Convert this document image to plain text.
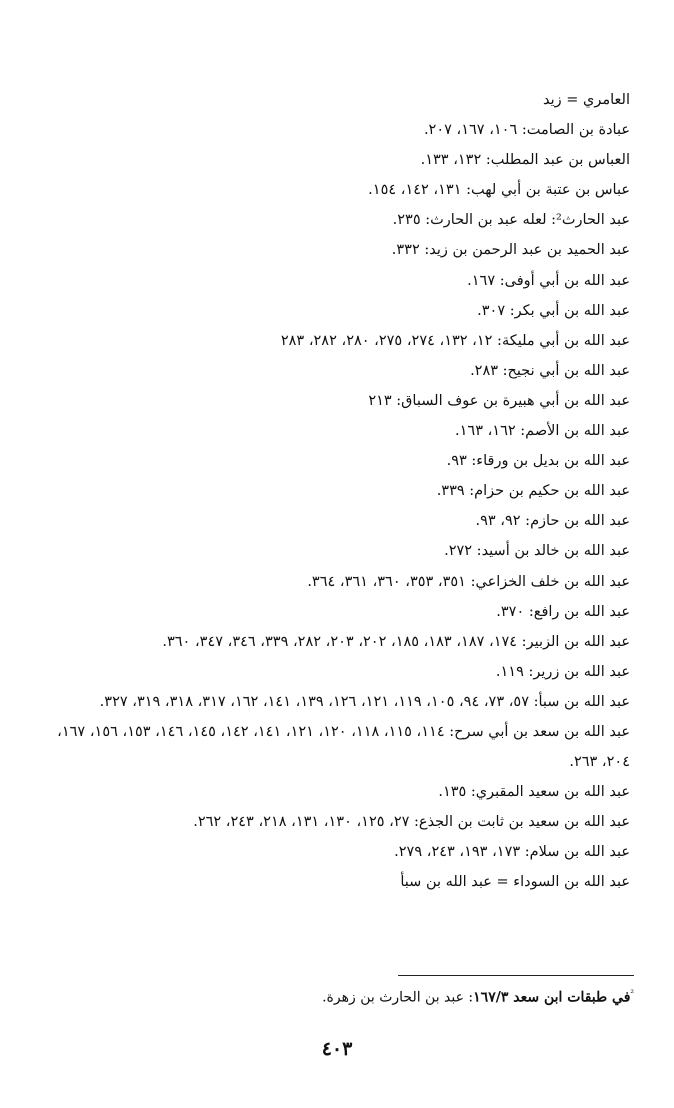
العامري = زيد
عبادة بن الصامت: ١٠٦، ١٦٧، ٢٠٧.
العباس بن عبد المطلب: ١٣٢، ١٣٣.
عباس بن عتبة بن أبي لهب: ١٣١، ١٤٢، ١٥٤.
عبد الحارث²: لعله عبد بن الحارث: ٢٣٥.
عبد الحميد بن عبد الرحمن بن زيد: ٣٣٢.
عبد الله بن أبي أوفى: ١٦٧.
عبد الله بن أبي بكر: ٣٠٧.
عبد الله بن أبي مليكة: ١٢، ١٣٢، ٢٧٤، ٢٧٥، ٢٨٠، ٢٨٢، ٢٨٣
عبد الله بن أبي نجيح: ٢٨٣.
عبد الله بن أبي هبيرة بن عوف السباق: ٢١٣
عبد الله بن الأصم: ١٦٢، ١٦٣.
عبد الله بن بديل بن ورقاء: ٩٣.
عبد الله بن حكيم بن حزام: ٣٣٩.
عبد الله بن حازم: ٩٢، ٩٣.
عبد الله بن خالد بن أسيد: ٢٧٢.
عبد الله بن خلف الخزاعي: ٣٥١، ٣٥٣، ٣٦٠، ٣٦١، ٣٦٤.
عبد الله بن رافع: ٣٧٠.
عبد الله بن الزبير: ١٧٤، ١٨٧، ١٨٣، ١٨٥، ٢٠٢، ٢٠٣، ٢٨٢، ٣٣٩، ٣٤٦، ٣٤٧، ٣٦٠.
عبد الله بن زرير: ١١٩.
عبد الله بن سبأ: ٥٧، ٧٣، ٩٤، ١٠٥، ١١٩، ١٢١، ١٢٦، ١٣٩، ١٤١، ١٦٢، ٣١٧، ٣١٨، ٣١٩، ٣٢٧.
عبد الله بن سعد بن أبي سرح: ١١٤، ١١٥، ١١٨، ١٢٠، ١٢١، ١٤١، ١٤٢، ١٤٥، ١٤٦، ١٥٣، ١٥٦، ١٦٧، ٢٠٤، ٢٦٣.
عبد الله بن سعيد المقبري: ١٣٥.
عبد الله بن سعيد بن ثابت بن الجذع: ٢٧، ١٢٥، ١٣٠، ١٣١، ٢١٨، ٢٤٣، ٢٦٢.
عبد الله بن سلام: ١٧٣، ١٩٣، ٢٤٣، ٢٧٩.
عبد الله بن السوداء = عبد الله بن سبأ
$^{^2}$في طبقات ابن سعد ١٦٧/٣: عبد بن الحارث بن زهرة.
٤٠٣
